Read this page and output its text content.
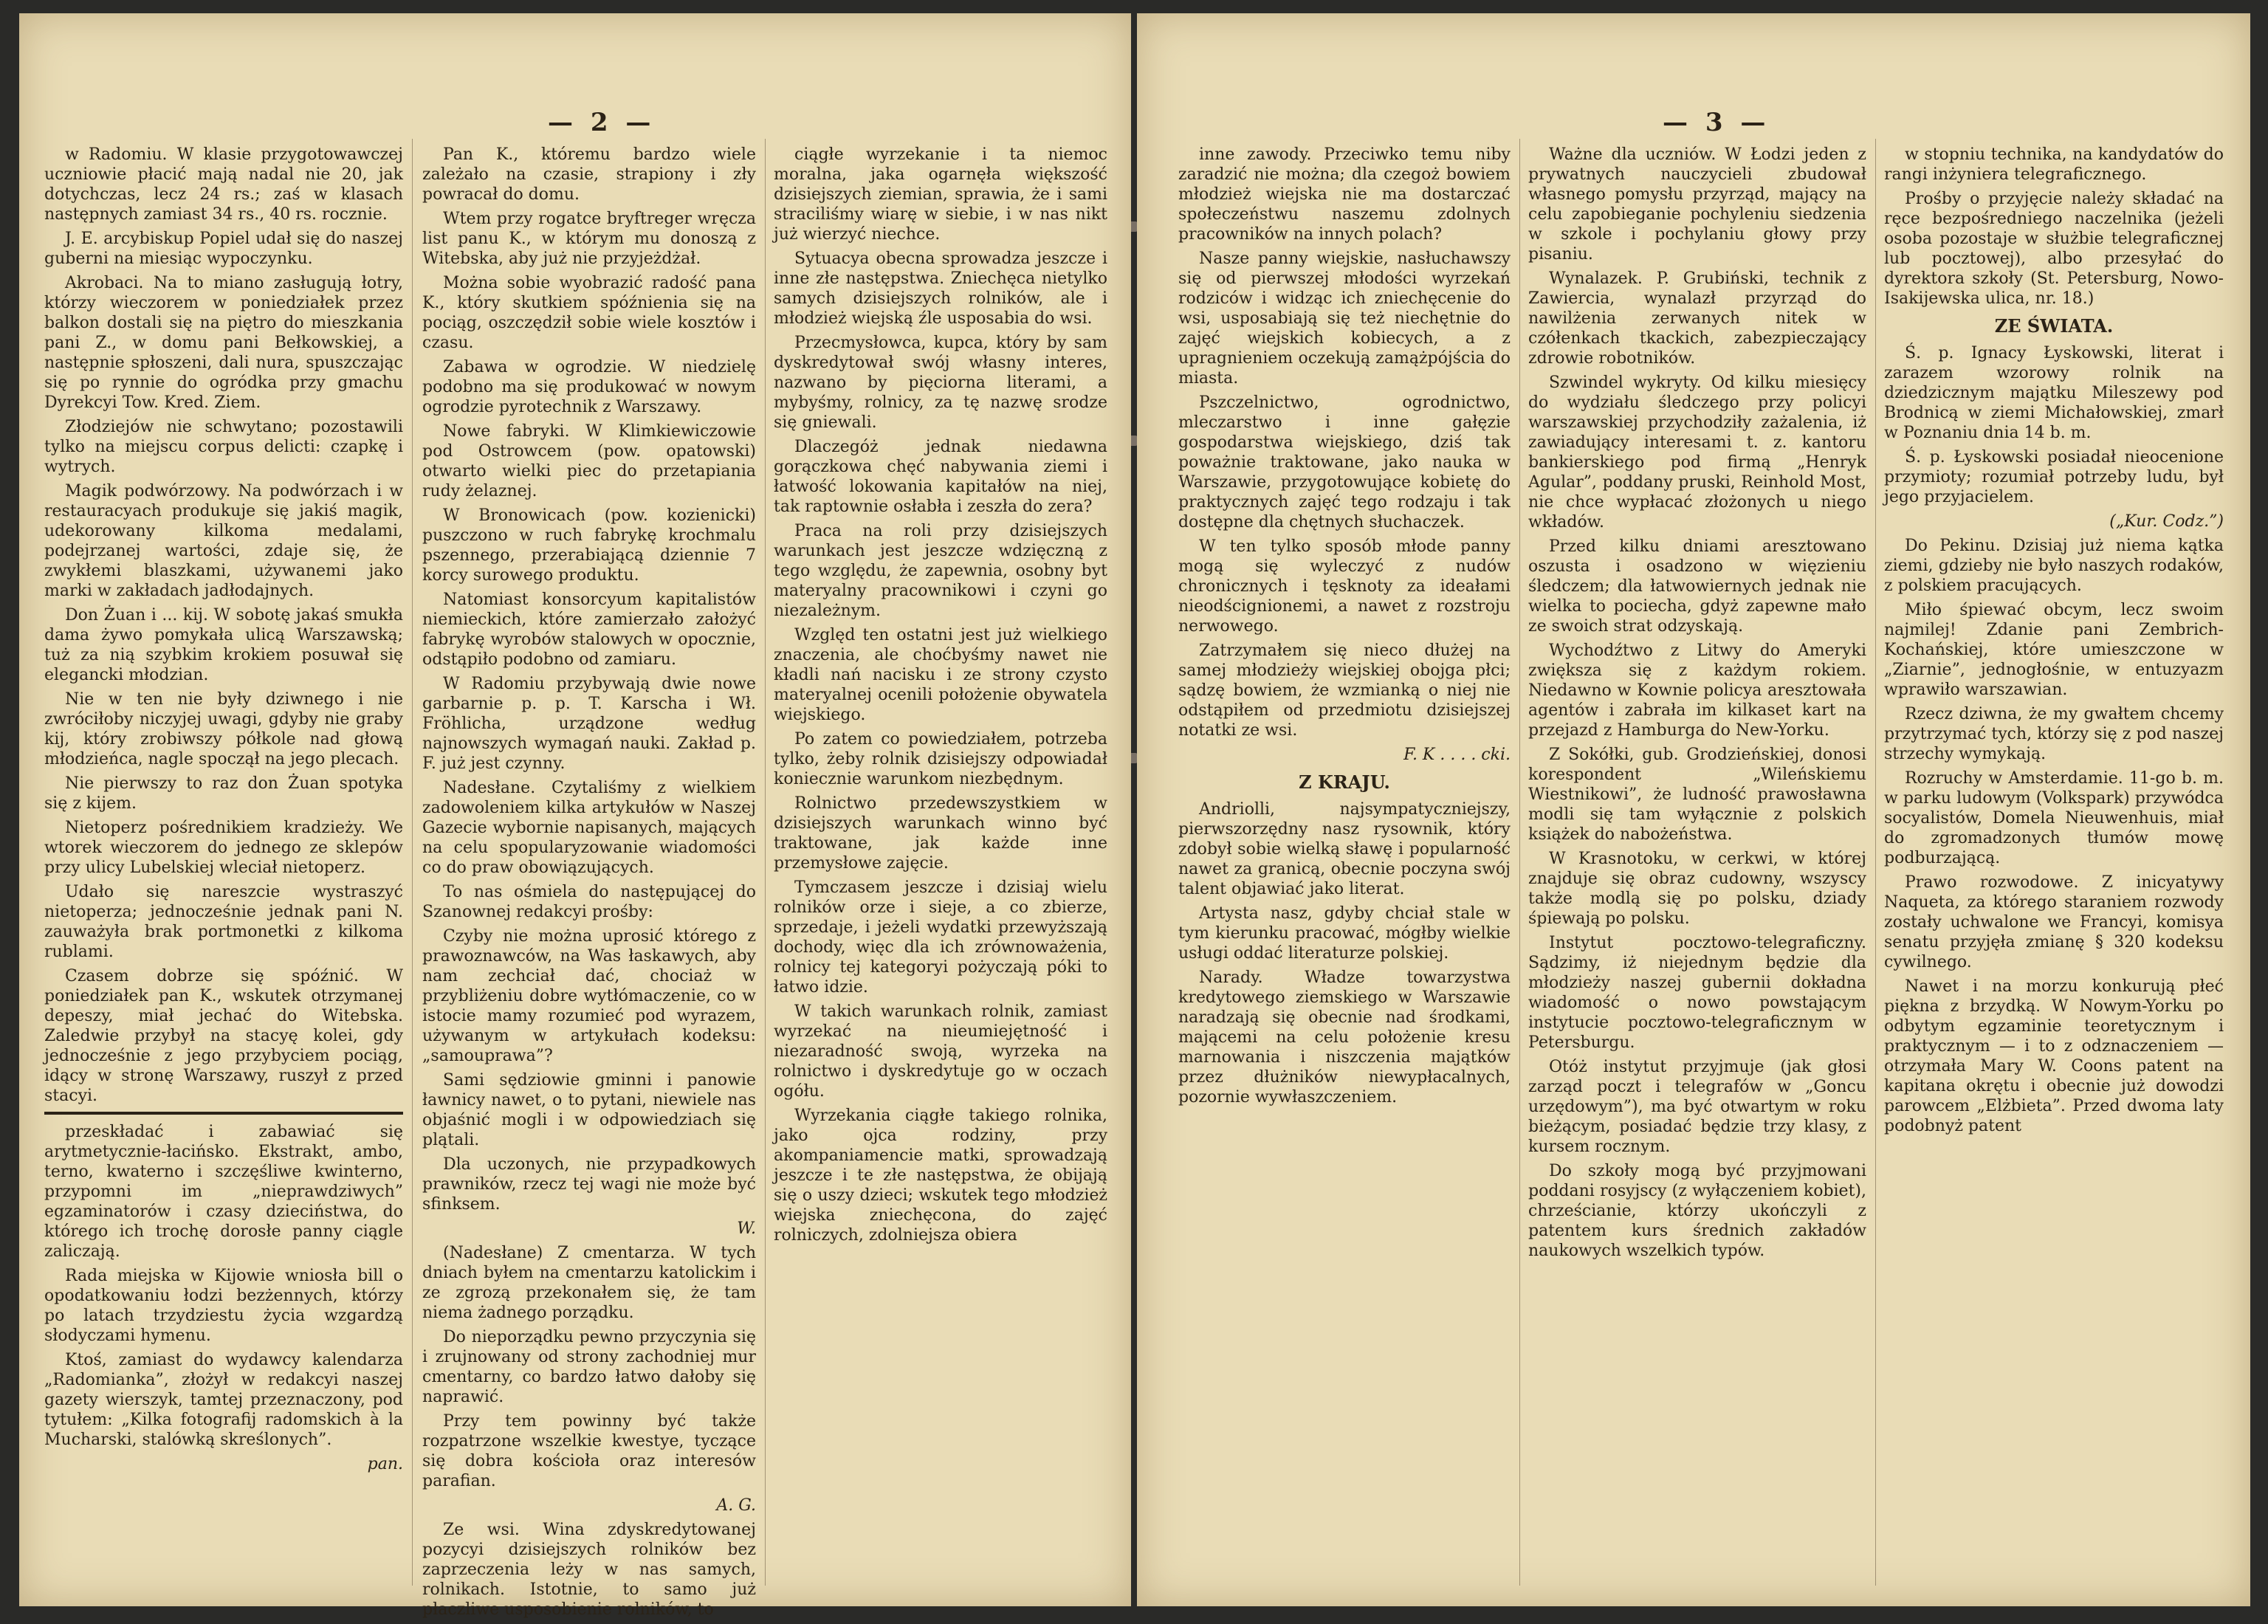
— 2 —

w Radomiu. W klasie przygotowawczej uczniowie płacić mają nadal nie 20, jak dotychczas, lecz 24 rs.; zaś w klasach następnych zamiast 34 rs., 40 rs. rocznie.

J. E. arcybiskup Popiel udał się do naszej guberni na miesiąc wypoczynku.

Akrobaci. Na to miano zasługują łotry, którzy wieczorem w poniedziałek przez balkon dostali się na piętro do mieszkania pani Z., w domu pani Bełkowskiej, a następnie spłoszeni, dali nura, spuszczając się po rynnie do ogródka przy gmachu Dyrekcyi Tow. Kred. Ziem.

Złodziejów nie schwytano; pozostawili tylko na miejscu corpus delicti: czapkę i wytrych.

Magik podwórzowy. Na podwórzach i w restauracyach produkuje się jakiś magik, udekorowany kilkoma medalami, podejrzanej wartości, zdaje się, że zwykłemi blaszkami, używanemi jako marki w zakładach jadłodajnych.

Don Żuan i ... kij. W sobotę jakaś smukła dama żywo pomykała ulicą Warszawską; tuż za nią szybkim krokiem posuwał się elegancki młodzian.

Nie w ten nie były dziwnego i nie zwróciłoby niczyjej uwagi, gdyby nie graby kij, który zrobiwszy półkole nad głową młodzieńca, nagle spoczął na jego plecach.

Nie pierwszy to raz don Żuan spotyka się z kijem.

Nietoperz pośrednikiem kradzieży. We wtorek wieczorem do jednego ze sklepów przy ulicy Lubelskiej wleciał nietoperz.

Udało się nareszcie wystraszyć nietoperza; jednocześnie jednak pani N. zauważyła brak portmonetki z kilkoma rublami.

Czasem dobrze się spóźnić. W poniedziałek pan K., wskutek otrzymanej depeszy, miał jechać do Witebska. Zaledwie przybył na stacyę kolei, gdy jednocześnie z jego przybyciem pociąg, idący w stronę Warszawy, ruszył z przed stacyi.

przeskładać i zabawiać się arytmetycznie-łacińsko. Ekstrakt, ambo, terno, kwaterno i szczęśliwe kwinterno, przypomni im „nieprawdziwych” egzaminatorów i czasy dzieciństwa, do którego ich trochę dorosłe panny ciągle zaliczają.

Rada miejska w Kijowie wniosła bill o opodatkowaniu łodzi bezżennych, którzy po latach trzydziestu życia wzgardzą słodyczami hymenu.

Ktoś, zamiast do wydawcy kalendarza „Radomianka”, złożył w redakcyi naszej gazety wierszyk, tamtej przeznaczony, pod tytułem: „Kilka fotografij radomskich à la Mucharski, stalówką skreślonych”.

pan.

Pan K., któremu bardzo wiele zależało na czasie, strapiony i zły powracał do domu.

Wtem przy rogatce bryftreger wręcza list panu K., w którym mu donoszą z Witebska, aby już nie przyjeżdżał.

Można sobie wyobrazić radość pana K., który skutkiem spóźnienia się na pociąg, oszczędził sobie wiele kosztów i czasu.

Zabawa w ogrodzie. W niedzielę podobno ma się produkować w nowym ogrodzie pyrotechnik z Warszawy.

Nowe fabryki. W Klimkiewiczowie pod Ostrowcem (pow. opatowski) otwarto wielki piec do przetapiania rudy żelaznej.

W Bronowicach (pow. kozienicki) puszczono w ruch fabrykę krochmalu pszennego, przerabiającą dziennie 7 korcy surowego produktu.

Natomiast konsorcyum kapitalistów niemieckich, które zamierzało założyć fabrykę wyrobów stalowych w opocznie, odstąpiło podobno od zamiaru.

W Radomiu przybywają dwie nowe garbarnie p. p. T. Karscha i Wł. Fröhlicha, urządzone według najnowszych wymagań nauki. Zakład p. F. już jest czynny.

Nadesłane. Czytaliśmy z wielkiem zadowoleniem kilka artykułów w Naszej Gazecie wybornie napisanych, mających na celu spopularyzowanie wiadomości co do praw obowiązujących.

To nas ośmiela do następującej do Szanownej redakcyi prośby:

Czyby nie można uprosić którego z prawoznawców, na Was łaskawych, aby nam zechciał dać, chociaż w przybliżeniu dobre wytłómaczenie, co w istocie mamy rozumieć pod wyrazem, używanym w artykułach kodeksu: „samouprawa”?

Sami sędziowie gminni i panowie ławnicy nawet, o to pytani, niewiele nas objaśnić mogli i w odpowiedziach się plątali.

Dla uczonych, nie przypadkowych prawników, rzecz tej wagi nie może być sfinksem.

W.

(Nadesłane) Z cmentarza. W tych dniach byłem na cmentarzu katolickim i ze zgrozą przekonałem się, że tam niema żadnego porządku.

Do nieporządku pewno przyczynia się i zrujnowany od strony zachodniej mur cmentarny, co bardzo łatwo dałoby się naprawić.

Przy tem powinny być także rozpatrzone wszelkie kwestye, tyczące się dobra kościoła oraz interesów parafian.

A. G.

Ze wsi. Wina zdyskredytowanej pozycyi dzisiejszych rolników bez zaprzeczenia leży w nas samych, rolnikach. Istotnie, to samo już płaczliwe usposobienie rolników, to

ciągłe wyrzekanie i ta niemoc moralna, jaka ogarnęła większość dzisiejszych ziemian, sprawia, że i sami straciliśmy wiarę w siebie, i w nas nikt już wierzyć niechce.

Sytuacya obecna sprowadza jeszcze i inne złe następstwa. Zniechęca nietylko samych dzisiejszych rolników, ale i młodzież wiejską źle usposabia do wsi.

Przecmysłowca, kupca, który by sam dyskredytował swój własny interes, nazwano by pięciorna literami, a mybyśmy, rolnicy, za tę nazwę srodze się gniewali.

Dlaczegóż jednak niedawna gorączkowa chęć nabywania ziemi i łatwość lokowania kapitałów na niej, tak raptownie osłabła i zeszła do zera?

Praca na roli przy dzisiejszych warunkach jest jeszcze wdzięczną z tego względu, że zapewnia, osobny byt materyalny pracownikowi i czyni go niezależnym.

Względ ten ostatni jest już wielkiego znaczenia, ale choćbyśmy nawet nie kładli nań nacisku i ze strony czysto materyalnej ocenili położenie obywatela wiejskiego.

Po zatem co powiedziałem, potrzeba tylko, żeby rolnik dzisiejszy odpowiadał koniecznie warunkom niezbędnym.

Rolnictwo przedewszystkiem w dzisiejszych warunkach winno być traktowane, jak każde inne przemysłowe zajęcie.

Tymczasem jeszcze i dzisiaj wielu rolników orze i sieje, a co zbierze, sprzedaje, i jeżeli wydatki przewyższają dochody, więc dla ich zrównoważenia, rolnicy tej kategoryi pożyczają póki to łatwo idzie.

W takich warunkach rolnik, zamiast wyrzekać na nieumiejętność i niezaradność swoją, wyrzeka na rolnictwo i dyskredytuje go w oczach ogółu.

Wyrzekania ciągłe takiego rolnika, jako ojca rodziny, przy akompaniamencie matki, sprowadzają jeszcze i te złe następstwa, że obijają się o uszy dzieci; wskutek tego młodzież wiejska zniechęcona, do zajęć rolniczych, zdolniejsza obiera

— 3 —

inne zawody. Przeciwko temu niby zaradzić nie można; dla czegoż bowiem młodzież wiejska nie ma dostarczać społeczeństwu naszemu zdolnych pracowników na innych polach?

Nasze panny wiejskie, nasłuchawszy się od pierwszej młodości wyrzekań rodziców i widząc ich zniechęcenie do wsi, usposabiają się też niechętnie do zajęć wiejskich kobiecych, a z upragnieniem oczekują zamążpójścia do miasta.

Pszczelnictwo, ogrodnictwo, mleczarstwo i inne gałęzie gospodarstwa wiejskiego, dziś tak poważnie traktowane, jako nauka w Warszawie, przygotowujące kobietę do praktycznych zajęć tego rodzaju i tak dostępne dla chętnych słuchaczek.

W ten tylko sposób młode panny mogą się wyleczyć z nudów chronicznych i tęsknoty za ideałami nieodścignionemi, a nawet z rozstroju nerwowego.

Zatrzymałem się nieco dłużej na samej młodzieży wiejskiej obojga płci; sądzę bowiem, że wzmianką o niej nie odstąpiłem od przedmiotu dzisiejszej notatki ze wsi.

F. K . . . . cki.

Z KRAJU.

Andriolli, najsympatyczniejszy, pierwszorzędny nasz rysownik, który zdobył sobie wielką sławę i popularność nawet za granicą, obecnie poczyna swój talent objawiać jako literat.

Artysta nasz, gdyby chciał stale w tym kierunku pracować, mógłby wielkie usługi oddać literaturze polskiej.

Narady. Władze towarzystwa kredytowego ziemskiego w Warszawie naradzają się obecnie nad środkami, mającemi na celu położenie kresu marnowania i niszczenia majątków przez dłużników niewypłacalnych, pozornie wywłaszczeniem.

Ważne dla uczniów. W Łodzi jeden z prywatnych nauczycieli zbudował własnego pomysłu przyrząd, mający na celu zapobieganie pochyleniu siedzenia w szkole i pochylaniu głowy przy pisaniu.

Wynalazek. P. Grubiński, technik z Zawiercia, wynalazł przyrząd do nawilżenia zerwanych nitek w czółenkach tkackich, zabezpieczający zdrowie robotników.

Szwindel wykryty. Od kilku miesięcy do wydziału śledczego przy policyi warszawskiej przychodziły zażalenia, iż zawiadujący interesami t. z. kantoru bankierskiego pod firmą „Henryk Agular”, poddany pruski, Reinhold Most, nie chce wypłacać złożonych u niego wkładów.

Przed kilku dniami aresztowano oszusta i osadzono w więzieniu śledczem; dla łatwowiernych jednak nie wielka to pociecha, gdyż zapewne mało ze swoich strat odzyskają.

Wychodźtwo z Litwy do Ameryki zwiększa się z każdym rokiem. Niedawno w Kownie policya aresztowała agentów i zabrała im kilkaset kart na przejazd z Hamburga do New-Yorku.

Z Sokółki, gub. Grodzieńskiej, donosi korespondent „Wileńskiemu Wiestnikowi”, że ludność prawosławna modli się tam wyłącznie z polskich książek do nabożeństwa.

W Krasnotoku, w cerkwi, w której znajduje się obraz cudowny, wszyscy także modlą się po polsku, dziady śpiewają po polsku.

Instytut pocztowo-telegraficzny. Sądzimy, iż niejednym będzie dla młodzieży naszej gubernii dokładna wiadomość o nowo powstającym instytucie pocztowo-telegraficznym w Petersburgu.

Otóż instytut przyjmuje (jak głosi zarząd poczt i telegrafów w „Goncu urzędowym”), ma być otwartym w roku bieżącym, posiadać będzie trzy klasy, z kursem rocznym.

Do szkoły mogą być przyjmowani poddani rosyjscy (z wyłączeniem kobiet), chrześcianie, którzy ukończyli z patentem kurs średnich zakładów naukowych wszelkich typów.

w stopniu technika, na kandydatów do rangi inżyniera telegraficznego.

Prośby o przyjęcie należy składać na ręce bezpośredniego naczelnika (jeżeli osoba pozostaje w służbie telegraficznej lub pocztowej), albo przesyłać do dyrektora szkoły (St. Petersburg, Nowo-Isakijewska ulica, nr. 18.)

ZE ŚWIATA.

Ś. p. Ignacy Łyskowski, literat i zarazem wzorowy rolnik na dziedzicznym majątku Mileszewy pod Brodnicą w ziemi Michałowskiej, zmarł w Poznaniu dnia 14 b. m.

Ś. p. Łyskowski posiadał nieocenione przymioty; rozumiał potrzeby ludu, był jego przyjacielem.

(„Kur. Codz.”)

Do Pekinu. Dzisiaj już niema kątka ziemi, gdzieby nie było naszych rodaków, z polskiem pracujących.

Miło śpiewać obcym, lecz swoim najmilej! Zdanie pani Zembrich-Kochańskiej, które umieszczone w „Ziarnie”, jednogłośnie, w entuzyazm wprawiło warszawian.

Rzecz dziwna, że my gwałtem chcemy przytrzymać tych, którzy się z pod naszej strzechy wymykają.

Rozruchy w Amsterdamie. 11-go b. m. w parku ludowym (Volkspark) przywódca socyalistów, Domela Nieuwenhuis, miał do zgromadzonych tłumów mowę podburzającą.

Prawo rozwodowe. Z inicyatywy Naqueta, za którego staraniem rozwody zostały uchwalone we Francyi, komisya senatu przyjęła zmianę § 320 kodeksu cywilnego.

Nawet i na morzu konkurują płeć piękna z brzydką. W Nowym-Yorku po odbytym egzaminie teoretycznym i praktycznym — i to z odznaczeniem — otrzymała Mary W. Coons patent na kapitana okrętu i obecnie już dowodzi parowcem „Elżbieta”. Przed dwoma laty podobnyż patent
